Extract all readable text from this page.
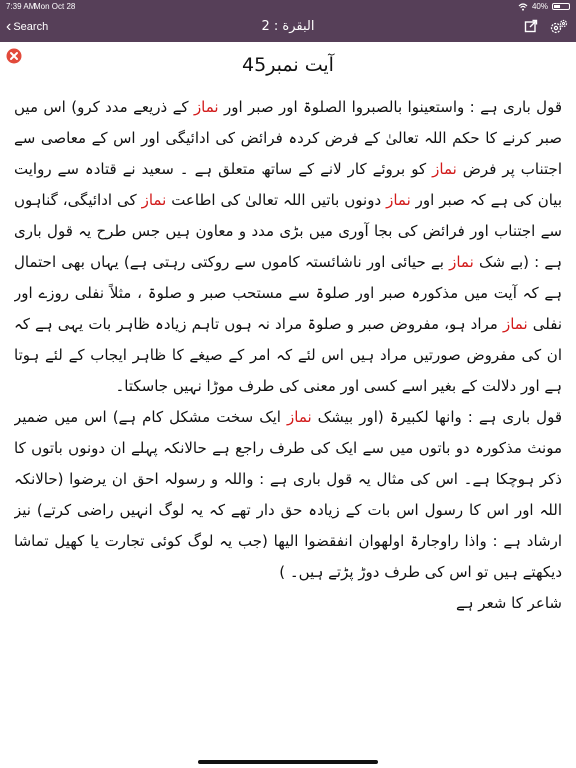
7:39 AM
Mon Oct 28	40%
‹ Search	البقرة : 2
آیت نمبر45

قول باری ہے : واستعینوا بالصبروا الصلوۃ اور صبر اور نماز کے ذریعے مدد کرو) اس میں صبر کرنے کا حکم اللہ تعالیٰ کے فرض کردہ فرائض کی ادائیگی اور اس کے معاصی سے اجتناب پر فرض نماز کو بروئے کار لانے کے ساتھ متعلق ہے ۔ سعید نے قتادہ سے روایت بیان کی ہے کہ صبر اور نماز دونوں باتیں اللہ تعالیٰ کی اطاعت نماز کی ادائیگی، گناہوں سے اجتناب اور فرائض کی بجا آوری میں بڑی مدد و معاون ہیں جس طرح یہ قول باری ہے : (بے شک نماز بے حیائی اور ناشائستہ کاموں سے روکتی رہتی ہے) یہاں بھی احتمال ہے کہ آیت میں مذکورہ صبر اور صلوۃ سے مستحب صبر و صلوۃ ، مثلاً نفلی روزے اور نفلی نماز مراد ہو، مفروض صبر و صلوۃ مراد نہ ہوں تاہم زیادہ ظاہر بات یہی ہے کہ ان کی مفروض صورتیں مراد ہیں اس لئے کہ امر کے صیغے کا ظاہر ایجاب کے لئے ہوتا ہے اور دلالت کے بغیر اسے کسی اور معنی کی طرف موڑا نہیں جاسکتا۔

قول باری ہے : وانھا لکبیرۃ (اور بیشک نماز ایک سخت مشکل کام ہے) اس میں ضمیر مونث مذکورہ دو باتوں میں سے ایک کی طرف راجع ہے حالانکہ پہلے ان دونوں باتوں کا ذکر ہوچکا ہے۔ اس کی مثال یہ قول باری ہے : واللہ و رسولہ احق ان یرضوا (حالانکہ اللہ اور اس کا رسول اس بات کے زیادہ حق دار تھے کہ یہ لوگ انہیں راضی کرتے) نیز ارشاد ہے : واذا راوجارۃ اولھوان انفقضوا الیھا (جب یہ لوگ کوئی تجارت یا کھیل تماشا دیکھتے ہیں تو اس کی طرف دوڑ پڑتے ہیں۔ )

شاعر کا شعر ہے
